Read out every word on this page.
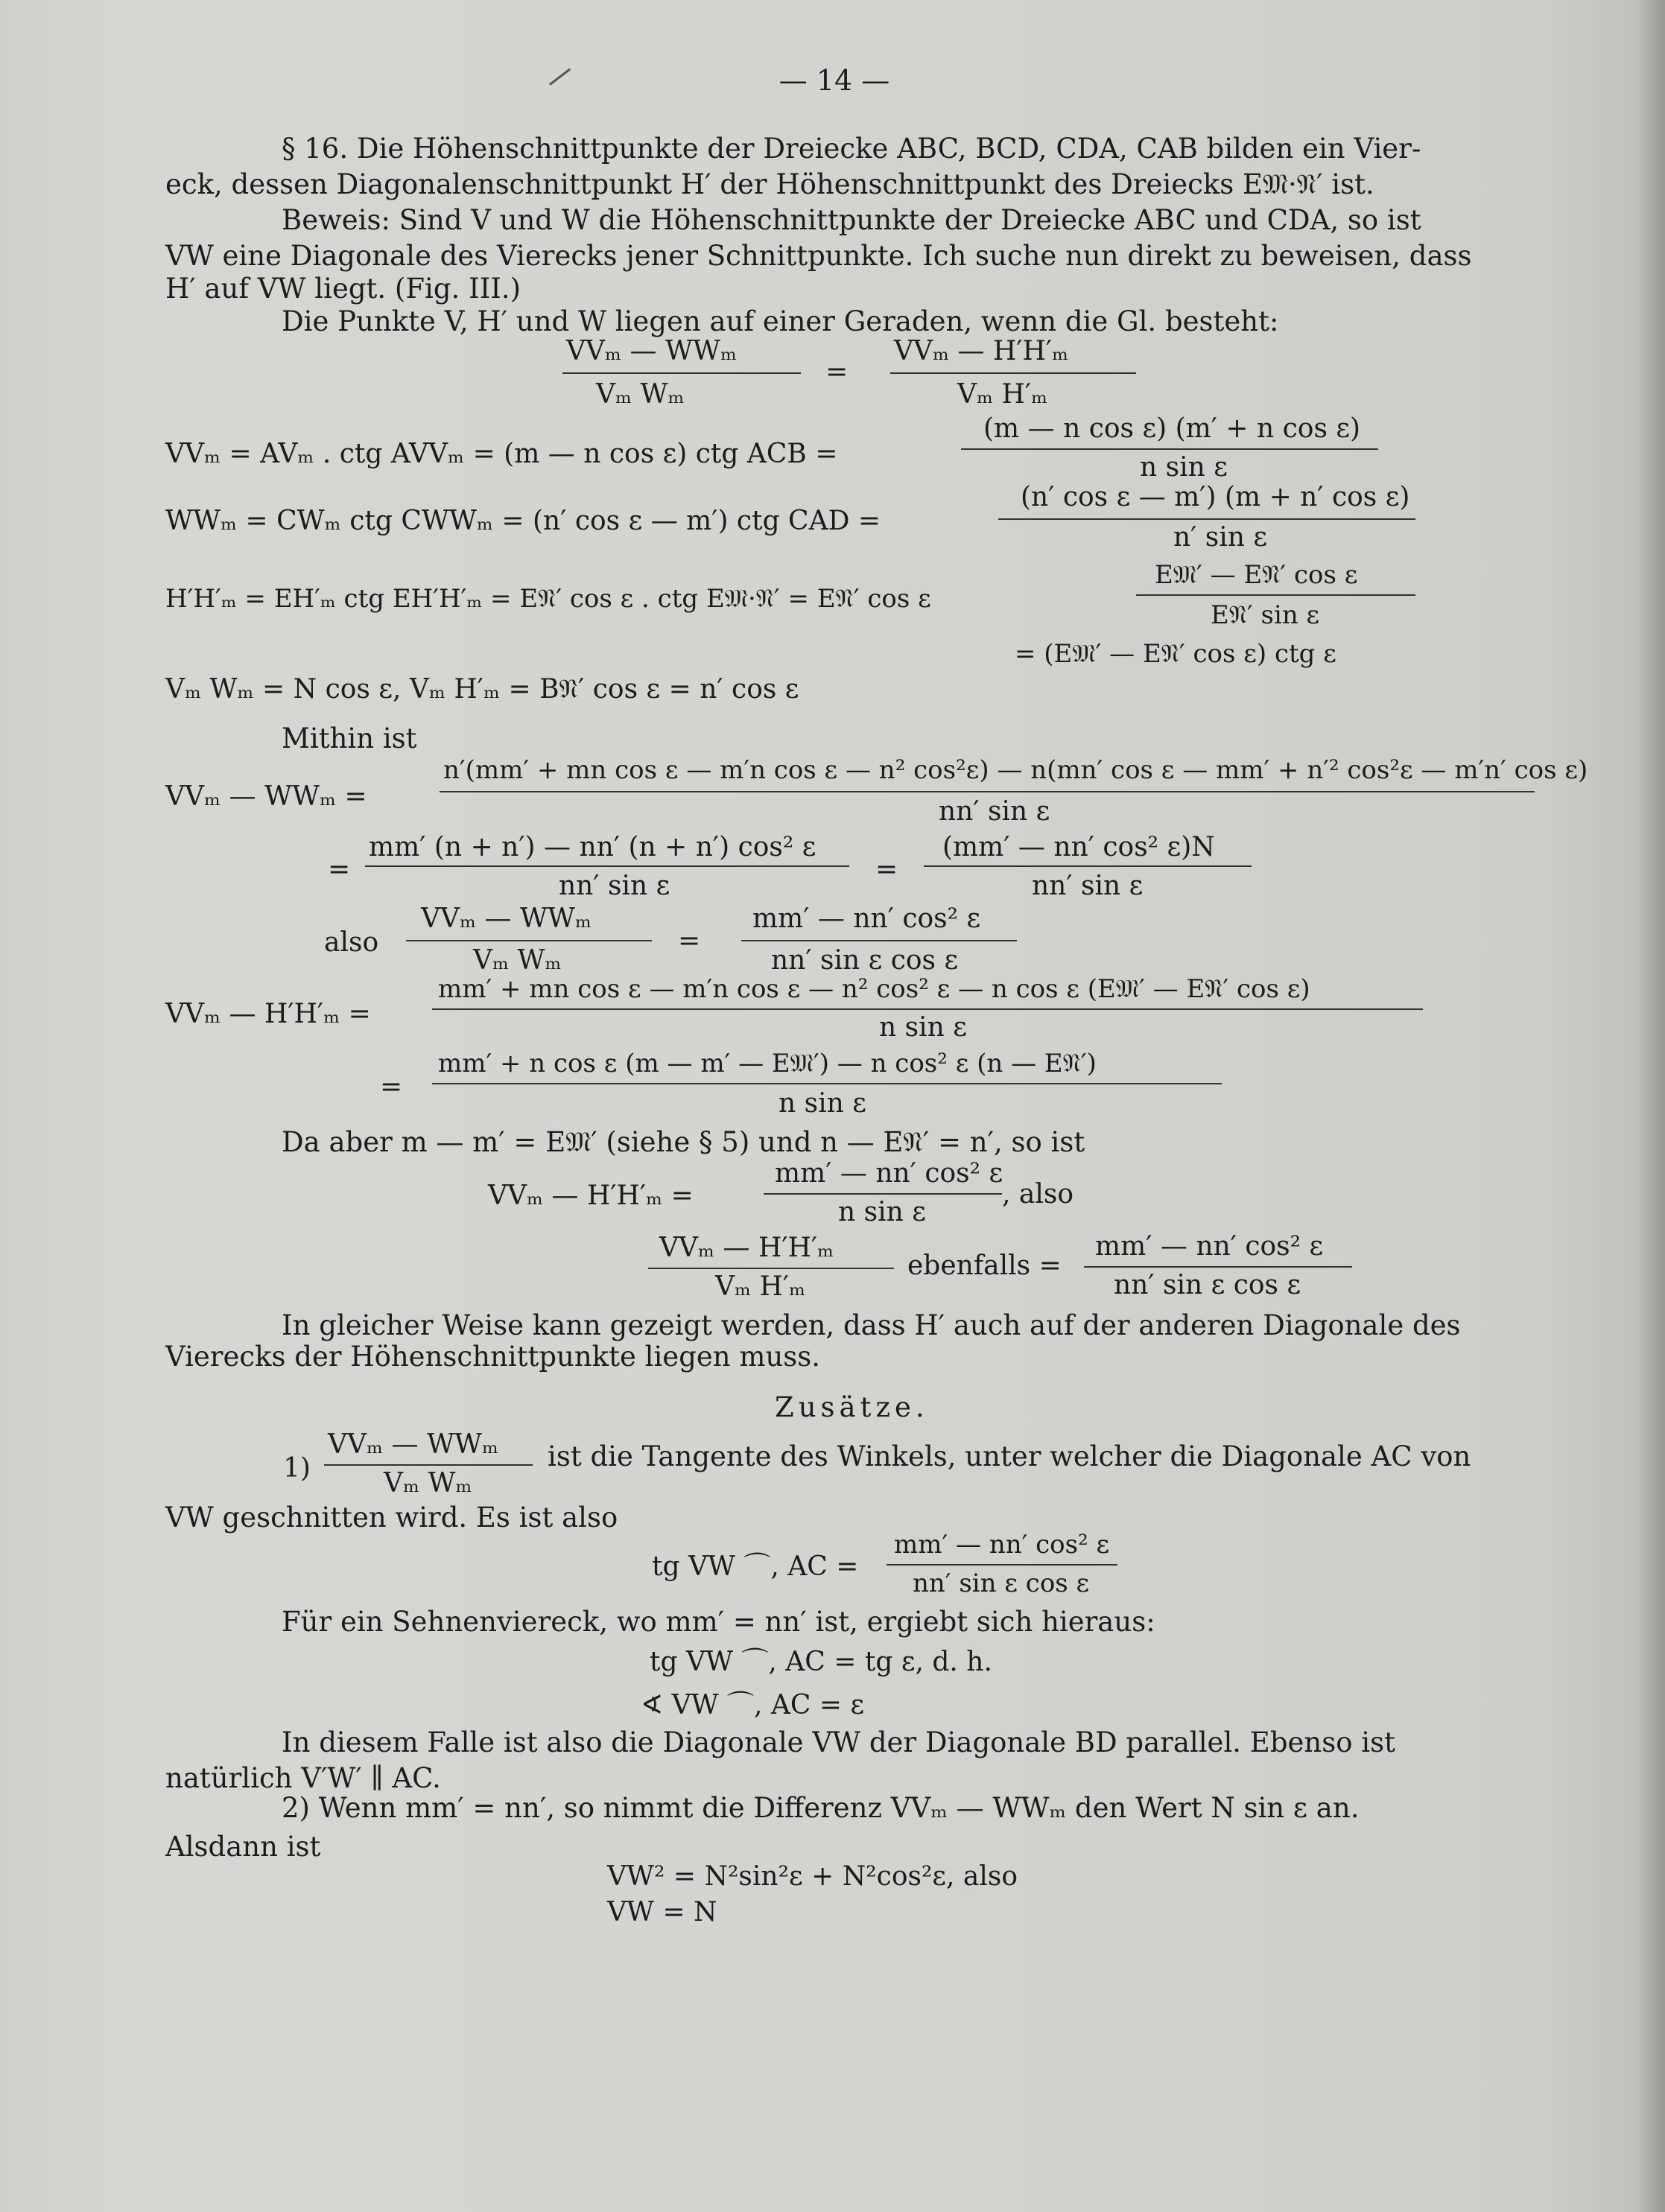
/	— 14 —
§ 16. Die Höhenschnittpunkte der Dreiecke ABC, BCD, CDA, CAB bilden ein Vier-
eck, dessen Diagonalenschnittpunkt H′ der Höhenschnittpunkt des Dreiecks E𝔐·𝔑′ ist.
Beweis: Sind V und W die Höhenschnittpunkte der Dreiecke ABC und CDA, so ist
VW eine Diagonale des Vierecks jener Schnittpunkte. Ich suche nun direkt zu beweisen, dass
H′ auf VW liegt. (Fig. III.)
Die Punkte V, H′ und W liegen auf einer Geraden, wenn die Gl. besteht:
VVₘ — WWₘ
Vₘ Wₘ
=
VVₘ — H′H′ₘ
Vₘ H′ₘ
VVₘ = AVₘ . ctg AVVₘ = (m — n cos ε) ctg ACB =
(m — n cos ε) (m′ + n cos ε)
n sin ε
WWₘ = CWₘ ctg CWWₘ = (n′ cos ε — m′) ctg CAD =
(n′ cos ε — m′) (m + n′ cos ε)
n′ sin ε
H′H′ₘ = EH′ₘ ctg EH′H′ₘ = E𝔑′ cos ε . ctg E𝔐·𝔑′ = E𝔑′ cos ε
E𝔐′ — E𝔑′ cos ε
E𝔑′ sin ε
= (E𝔐′ — E𝔑′ cos ε) ctg ε
Vₘ Wₘ = N cos ε, Vₘ H′ₘ = B𝔑′ cos ε = n′ cos ε
Mithin ist
VVₘ — WWₘ =
n′(mm′ + mn cos ε — m′n cos ε — n² cos²ε) — n(mn′ cos ε — mm′ + n′² cos²ε — m′n′ cos ε)
nn′ sin ε
=
mm′ (n + n′) — nn′ (n + n′) cos² ε
nn′ sin ε
=
(mm′ — nn′ cos² ε)N
nn′ sin ε
also
VVₘ — WWₘ
Vₘ Wₘ
=
mm′ — nn′ cos² ε
nn′ sin ε cos ε
VVₘ — H′H′ₘ =
mm′ + mn cos ε — m′n cos ε — n² cos² ε — n cos ε (E𝔐′ — E𝔑′ cos ε)
n sin ε
=
mm′ + n cos ε (m — m′ — E𝔐′) — n cos² ε (n — E𝔑′)
n sin ε
Da aber m — m′ = E𝔐′ (siehe § 5) und n — E𝔑′ = n′, so ist
VVₘ — H′H′ₘ =
mm′ — nn′ cos² ε
n sin ε
, also
VVₘ — H′H′ₘ
Vₘ H′ₘ
ebenfalls =
mm′ — nn′ cos² ε
nn′ sin ε cos ε
In gleicher Weise kann gezeigt werden, dass H′ auch auf der anderen Diagonale des
Vierecks der Höhenschnittpunkte liegen muss.
Zusätze.
1)
VVₘ — WWₘ
Vₘ Wₘ
ist die Tangente des Winkels, unter welcher die Diagonale AC von
VW geschnitten wird. Es ist also
tg VW ⌒, AC =
mm′ — nn′ cos² ε
nn′ sin ε cos ε
Für ein Sehnenviereck, wo mm′ = nn′ ist, ergiebt sich hieraus:
tg VW ⌒, AC = tg ε, d. h.
∢ VW ⌒, AC = ε
In diesem Falle ist also die Diagonale VW der Diagonale BD parallel. Ebenso ist
natürlich V′W′ ∥ AC.
2) Wenn mm′ = nn′, so nimmt die Differenz VVₘ — WWₘ den Wert N sin ε an.
Alsdann ist
VW² = N²sin²ε + N²cos²ε, also
VW = N
